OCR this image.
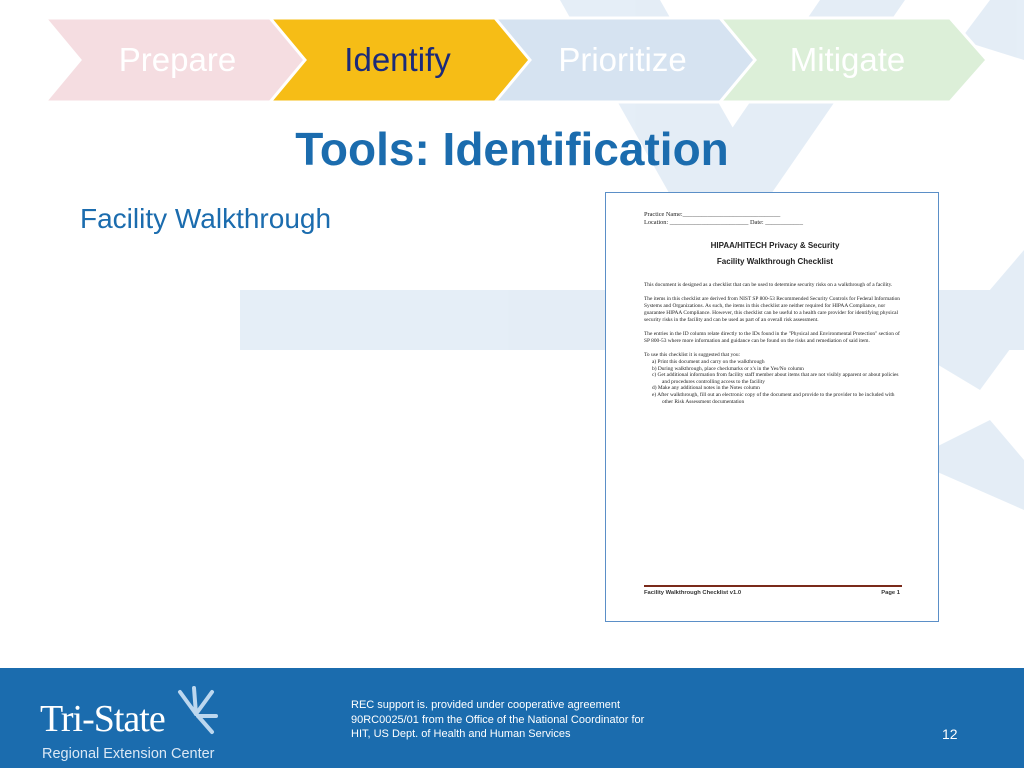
Prepare	Identify	Prioritize	Mitigate
Tools: Identification
Facility Walkthrough	Practice Name:_______________________________
Location: _________________________ Date: ____________
HIPAA/HITECH Privacy & Security
Facility Walkthrough Checklist
This document is designed as a checklist that can be used to determine security risks on a walkthrough of a facility.
The items in this checklist are derived from NIST SP 800-53 Recommended Security Controls for Federal Information Systems and Organizations. As such, the items in this checklist are neither required for HIPAA Compliance, nor guarantee HIPAA Compliance. However, this checklist can be useful to a health care provider for identifying physical security risks in the facility and can be used as part of an overall risk assessment.
The entries in the ID column relate directly to the IDs found in the "Physical and Environmental Protection" section of SP 800-53 where more information and guidance can be found on the risks and remediation of said item.
To use this checklist it is suggested that you:
a) Print this document and carry on the walkthrough
b) During walkthrough, place checkmarks or x's in the Yes/No column
c) Get additional information from facility staff member about items that are not visibly apparent or about policies and procedures controlling access to the facility
d) Make any additional notes in the Notes column
e) After walkthrough, fill out an electronic copy of the document and provide to the provider to be included with other Risk Assessment documentation
Facility Walkthrough Checklist v1.0	Page 1
Tri-State
Regional Extension Center
REC support is. provided under cooperative agreement 90RC0025/01 from the Office of the National Coordinator for HIT, US Dept. of Health and Human Services	12
